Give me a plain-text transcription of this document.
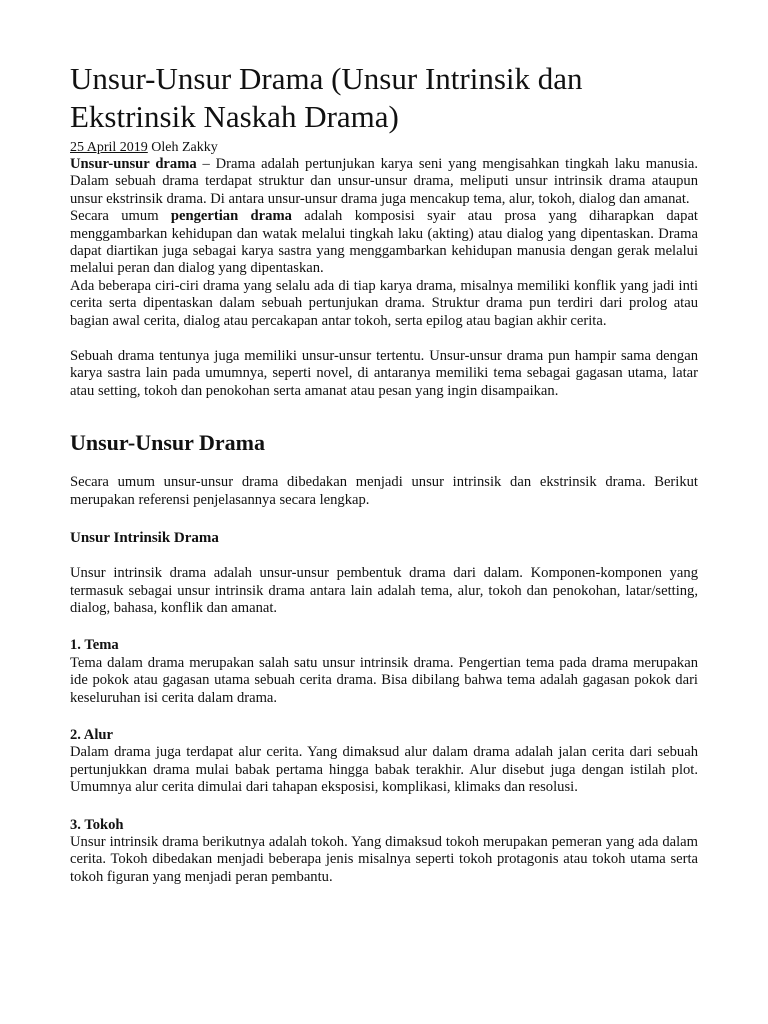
Unsur-Unsur Drama (Unsur Intrinsik dan Ekstrinsik Naskah Drama)
25 April 2019 Oleh Zakky

Unsur-unsur drama – Drama adalah pertunjukan karya seni yang mengisahkan tingkah laku manusia. Dalam sebuah drama terdapat struktur dan unsur-unsur drama, meliputi unsur intrinsik drama ataupun unsur ekstrinsik drama. Di antara unsur-unsur drama juga mencakup tema, alur, tokoh, dialog dan amanat.

Secara umum pengertian drama adalah komposisi syair atau prosa yang diharapkan dapat menggambarkan kehidupan dan watak melalui tingkah laku (akting) atau dialog yang dipentaskan. Drama dapat diartikan juga sebagai karya sastra yang menggambarkan kehidupan manusia dengan gerak melalui melalui peran dan dialog yang dipentaskan.

Ada beberapa ciri-ciri drama yang selalu ada di tiap karya drama, misalnya memiliki konflik yang jadi inti cerita serta dipentaskan dalam sebuah pertunjukan drama. Struktur drama pun terdiri dari prolog atau bagian awal cerita, dialog atau percakapan antar tokoh, serta epilog atau bagian akhir cerita.

Sebuah drama tentunya juga memiliki unsur-unsur tertentu. Unsur-unsur drama pun hampir sama dengan karya sastra lain pada umumnya, seperti novel, di antaranya memiliki tema sebagai gagasan utama, latar atau setting, tokoh dan penokohan serta amanat atau pesan yang ingin disampaikan.

Unsur-Unsur Drama

Secara umum unsur-unsur drama dibedakan menjadi unsur intrinsik dan ekstrinsik drama. Berikut merupakan referensi penjelasannya secara lengkap.

Unsur Intrinsik Drama

Unsur intrinsik drama adalah unsur-unsur pembentuk drama dari dalam. Komponen-komponen yang termasuk sebagai unsur intrinsik drama antara lain adalah tema, alur, tokoh dan penokohan, latar/setting, dialog, bahasa, konflik dan amanat.

1. Tema

Tema dalam drama merupakan salah satu unsur intrinsik drama. Pengertian tema pada drama merupakan ide pokok atau gagasan utama sebuah cerita drama. Bisa dibilang bahwa tema adalah gagasan pokok dari keseluruhan isi cerita dalam drama.

2. Alur

Dalam drama juga terdapat alur cerita. Yang dimaksud alur dalam drama adalah jalan cerita dari sebuah pertunjukkan drama mulai babak pertama hingga babak terakhir. Alur disebut juga dengan istilah plot. Umumnya alur cerita dimulai dari tahapan eksposisi, komplikasi, klimaks dan resolusi.

3. Tokoh

Unsur intrinsik drama berikutnya adalah tokoh. Yang dimaksud tokoh merupakan pemeran yang ada dalam cerita. Tokoh dibedakan menjadi beberapa jenis misalnya seperti tokoh protagonis atau tokoh utama serta tokoh figuran yang menjadi peran pembantu.
